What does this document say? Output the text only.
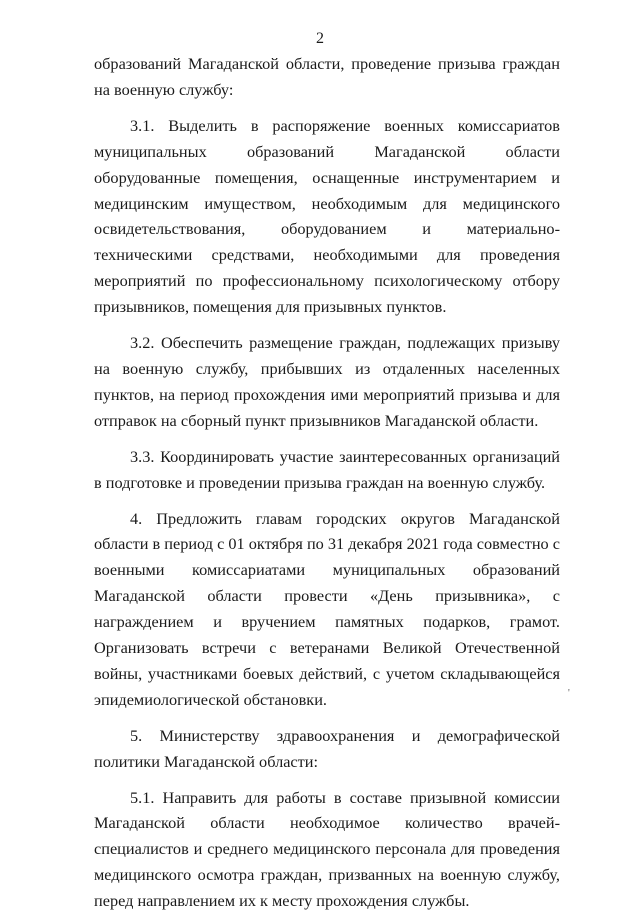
2

образований Магаданской области, проведение призыва граждан на военную службу:

3.1. Выделить в распоряжение военных комиссариатов муниципальных образований Магаданской области оборудованные помещения, оснащенные инструментарием и медицинским имуществом, необходимым для медицинского освидетельствования, оборудованием и материально-техническими средствами, необходимыми для проведения мероприятий по профессиональному психологическому отбору призывников, помещения для призывных пунктов.

3.2. Обеспечить размещение граждан, подлежащих призыву на военную службу, прибывших из отдаленных населенных пунктов, на период прохождения ими мероприятий призыва и для отправок на сборный пункт призывников Магаданской области.

3.3. Координировать участие заинтересованных организаций в подготовке и проведении призыва граждан на военную службу.

4. Предложить главам городских округов Магаданской области в период с 01 октября по 31 декабря 2021 года совместно с военными комиссариатами муниципальных образований Магаданской области провести «День призывника», с награждением и вручением памятных подарков, грамот. Организовать встречи с ветеранами Великой Отечественной войны, участниками боевых действий, с учетом складывающейся эпидемиологической обстановки.

5. Министерству здравоохранения и демографической политики Магаданской области:

5.1. Направить для работы в составе призывной комиссии Магаданской области необходимое количество врачей-специалистов и среднего медицинского персонала для проведения медицинского осмотра граждан, призванных на военную службу, перед направлением их к месту прохождения службы.

'
